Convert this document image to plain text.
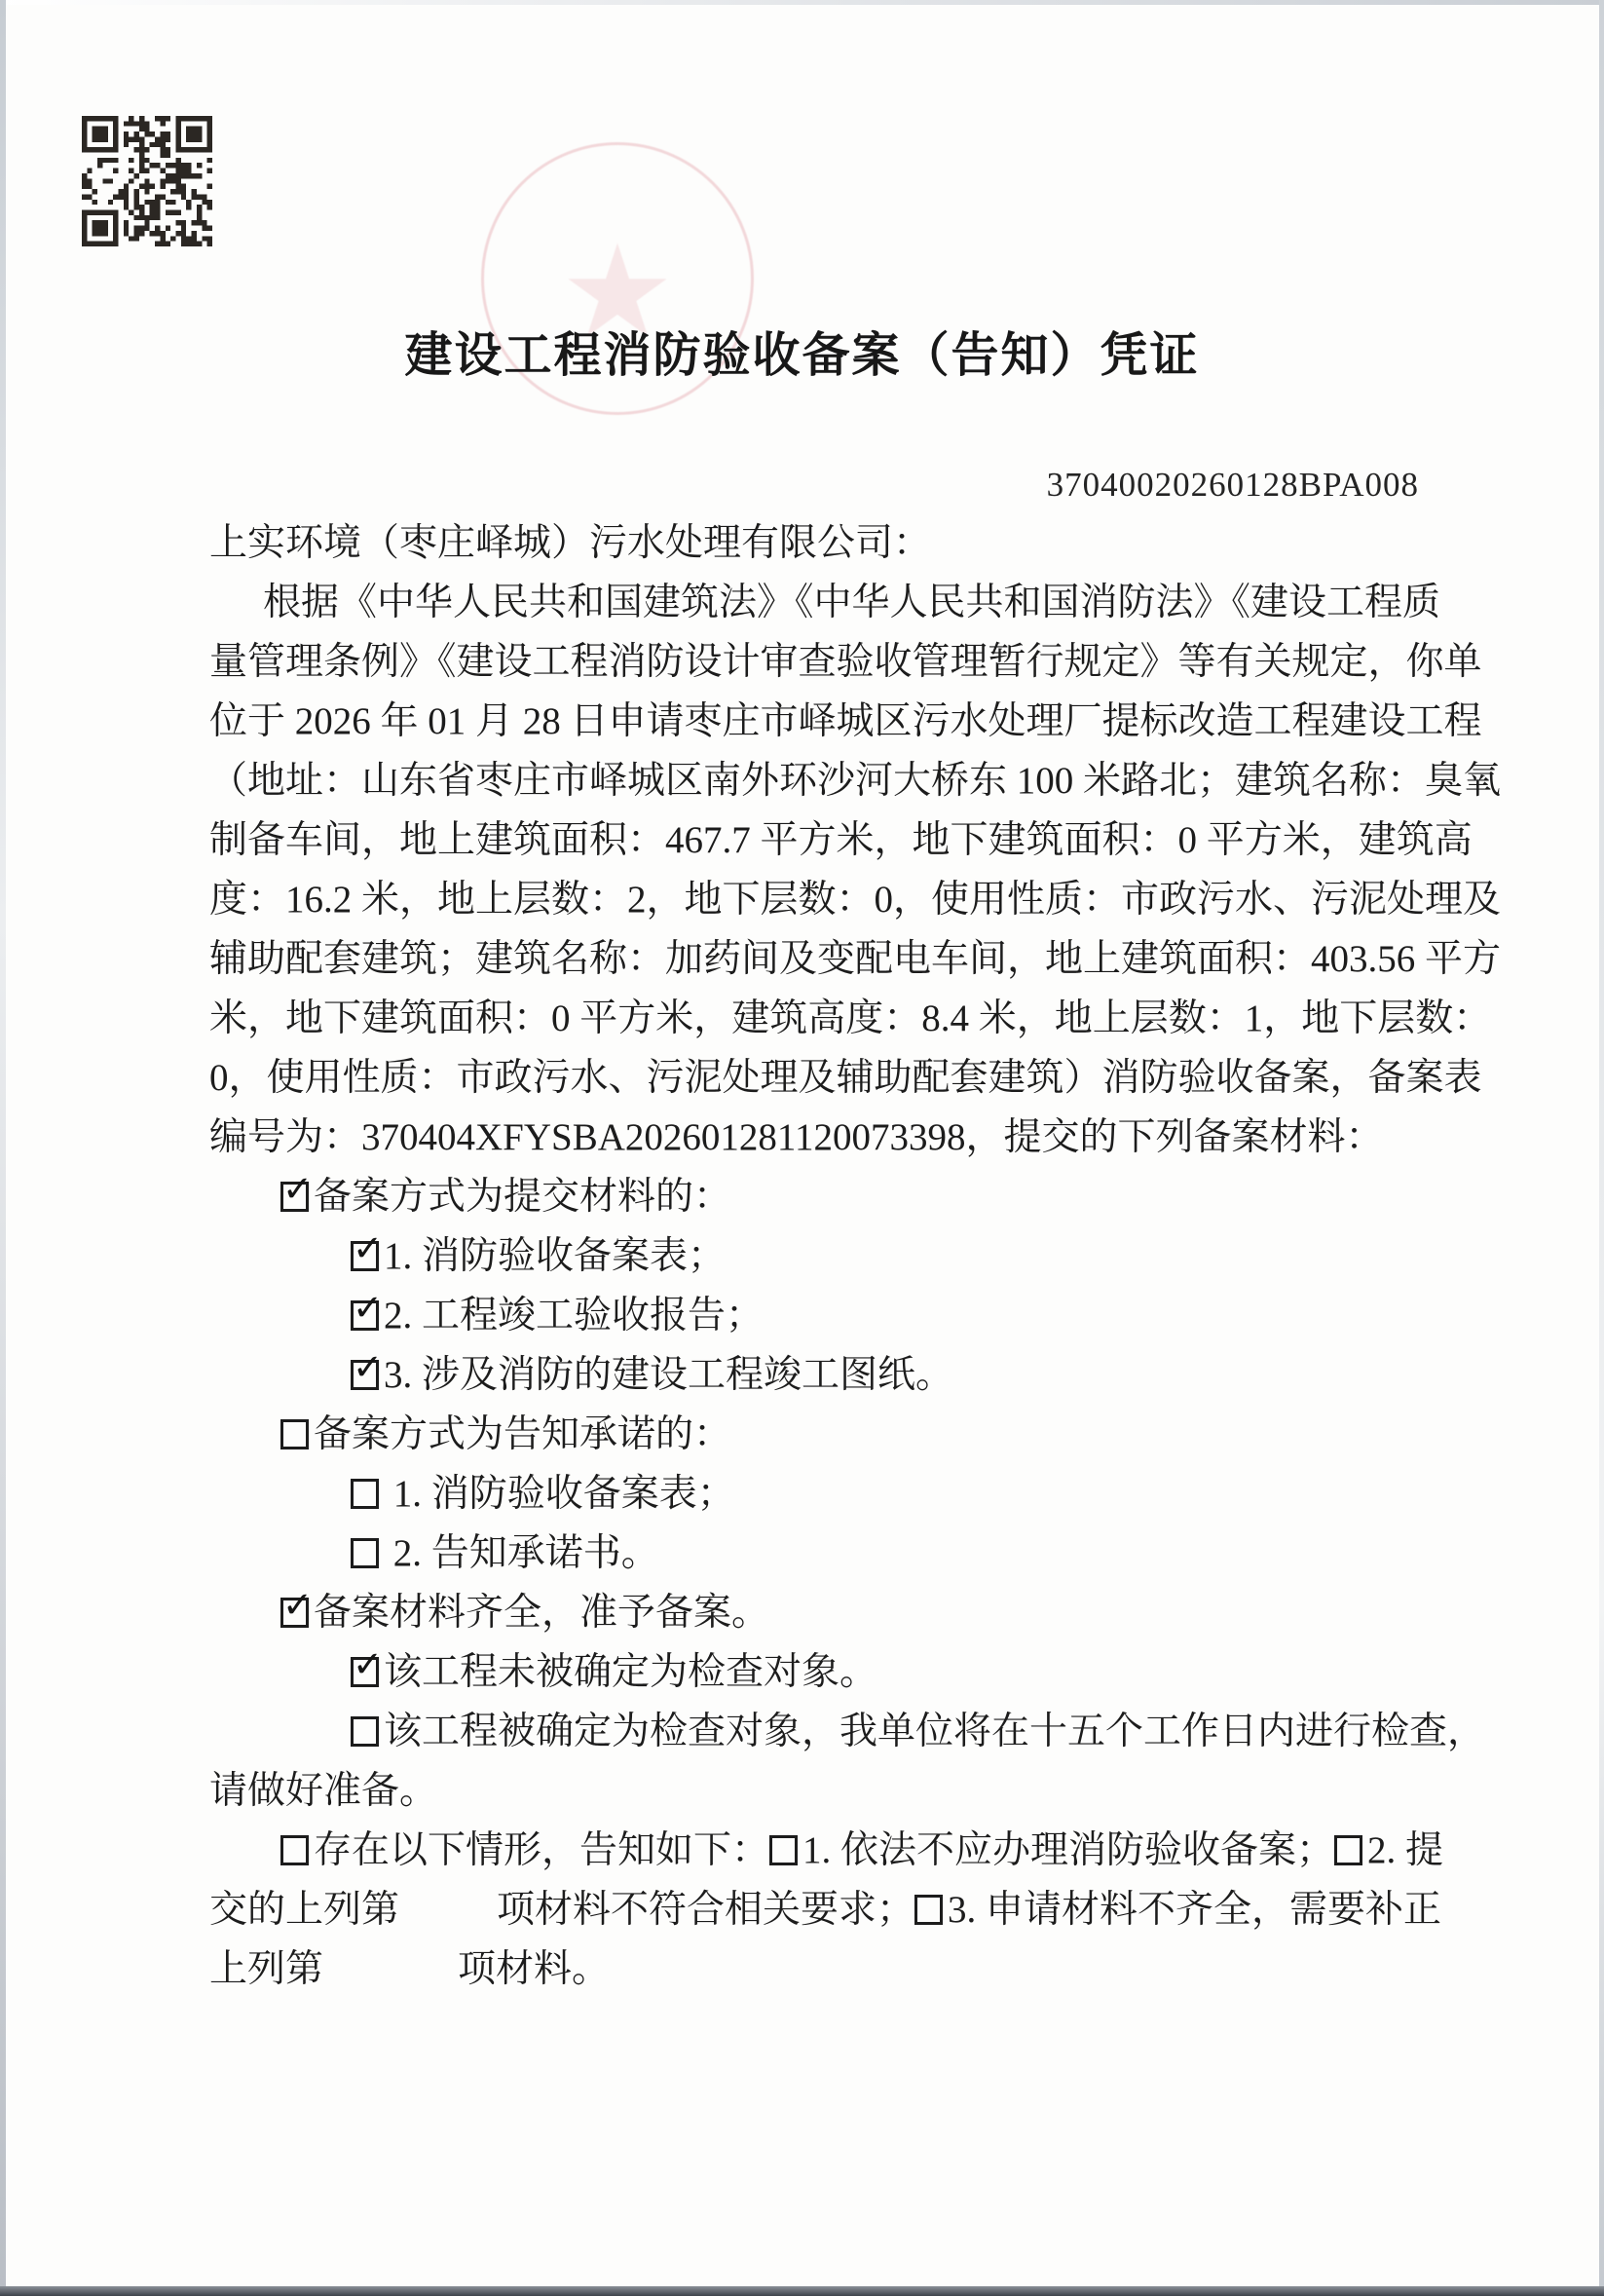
★
建设工程消防验收备案（告知）凭证
37040020260128BPA008
上实环境（枣庄峄城）污水处理有限公司：
根据《中华人民共和国建筑法》《中华人民共和国消防法》《建设工程质
量管理条例》《建设工程消防设计审查验收管理暂行规定》等有关规定，你单
位于 2026 年 01 月 28 日申请枣庄市峄城区污水处理厂提标改造工程建设工程
（地址：山东省枣庄市峄城区南外环沙河大桥东 100 米路北；建筑名称：臭氧
制备车间，地上建筑面积：467.7 平方米，地下建筑面积：0 平方米，建筑高
度：16.2 米，地上层数：2，地下层数：0，使用性质：市政污水、污泥处理及
辅助配套建筑；建筑名称：加药间及变配电车间，地上建筑面积：403.56 平方
米，地下建筑面积：0 平方米，建筑高度：8.4 米，地上层数：1，地下层数：
0，使用性质：市政污水、污泥处理及辅助配套建筑）消防验收备案，备案表
编号为：370404XFYSBA202601281120073398，提交的下列备案材料：
✓ 备案方式为提交材料的：
✓ 1. 消防验收备案表；
✓ 2. 工程竣工验收报告；
✓ 3. 涉及消防的建设工程竣工图纸。
备案方式为告知承诺的：
1. 消防验收备案表；
2. 告知承诺书。
✓ 备案材料齐全，准予备案。
✓ 该工程未被确定为检查对象。
该工程被确定为检查对象，我单位将在十五个工作日内进行检查，
请做好准备。
存在以下情形，告知如下： 1. 依法不应办理消防验收备案； 2. 提
交的上列第	项材料不符合相关要求； 3. 申请材料不齐全，需要补正
上列第	项材料。
